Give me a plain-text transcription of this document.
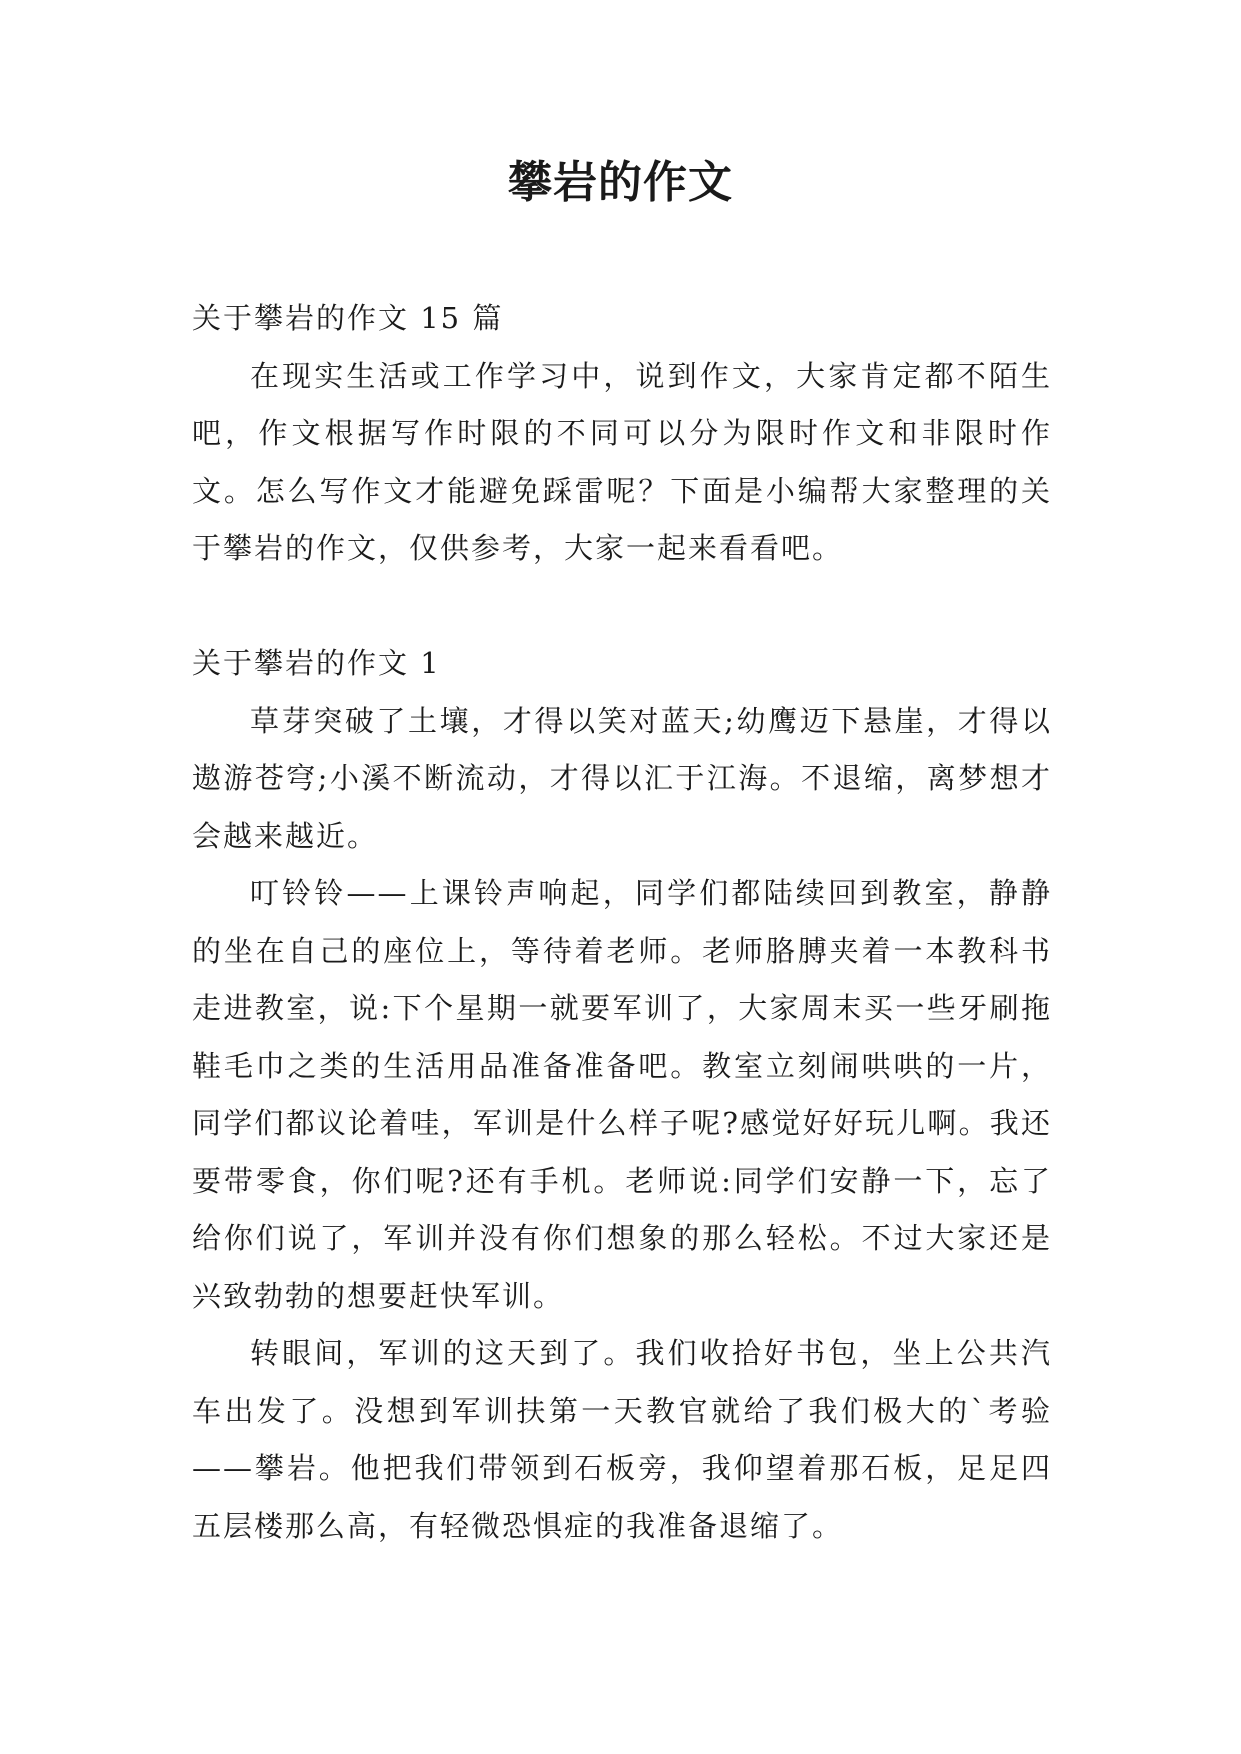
攀岩的作文

关于攀岩的作文 15 篇

在现实生活或工作学习中，说到作文，大家肯定都不陌生吧，作文根据写作时限的不同可以分为限时作文和非限时作文。怎么写作文才能避免踩雷呢？下面是小编帮大家整理的关于攀岩的作文，仅供参考，大家一起来看看吧。

关于攀岩的作文 1

草芽突破了土壤，才得以笑对蓝天;幼鹰迈下悬崖，才得以遨游苍穹;小溪不断流动，才得以汇于江海。不退缩，离梦想才会越来越近。

叮铃铃——上课铃声响起，同学们都陆续回到教室，静静的坐在自己的座位上，等待着老师。老师胳膊夹着一本教科书走进教室，说:下个星期一就要军训了，大家周末买一些牙刷拖鞋毛巾之类的生活用品准备准备吧。教室立刻闹哄哄的一片，同学们都议论着哇，军训是什么样子呢?感觉好好玩儿啊。我还要带零食，你们呢?还有手机。老师说:同学们安静一下，忘了给你们说了，军训并没有你们想象的那么轻松。不过大家还是兴致勃勃的想要赶快军训。

转眼间，军训的这天到了。我们收拾好书包，坐上公共汽车出发了。没想到军训扶第一天教官就给了我们极大的`考验——攀岩。他把我们带领到石板旁，我仰望着那石板，足足四五层楼那么高，有轻微恐惧症的我准备退缩了。
